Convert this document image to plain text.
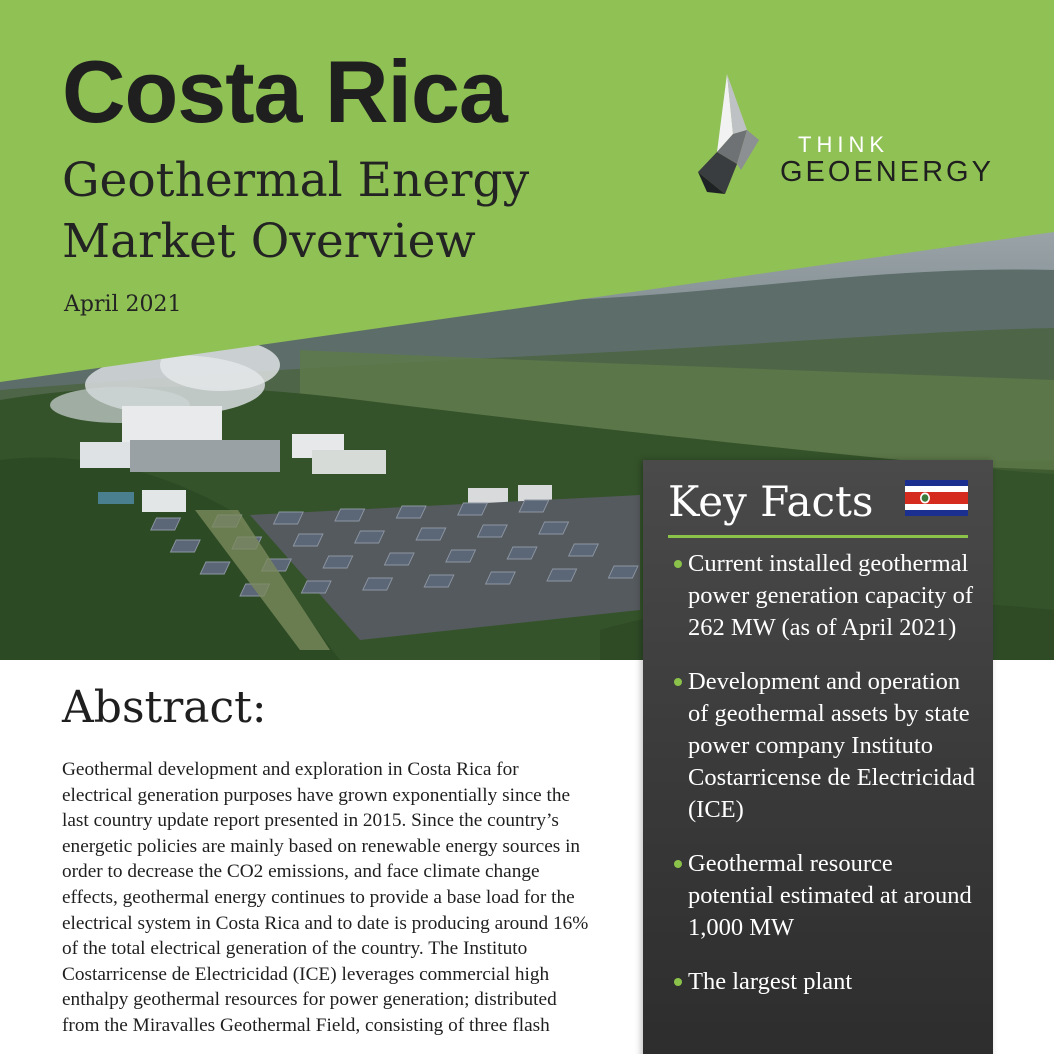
Costa Rica
Geothermal Energy Market Overview

April 2021

THINK

GEOENERGY

Abstract:

Geothermal development and exploration in Costa Rica for electrical generation purposes have grown exponentially since the last country update report presented in 2015. Since the country’s energetic policies are mainly based on renewable energy sources in order to decrease the CO2 emissions, and face climate change effects, geothermal energy continues to provide a base load for the electrical system in Costa Rica and to date is producing around 16% of the total electrical generation of the country. The Instituto Costarricense de Electricidad (ICE) leverages commercial high enthalpy geothermal resources for power generation; distributed from the Miravalles Geothermal Field, consisting of three flash

Key Facts
Current installed geothermal power generation capacity of 262 MW (as of April 2021)
Development and operation of geothermal assets by state power company Instituto Costarricense de Electricidad (ICE)
Geothermal resource potential estimated at around 1,000 MW
The largest plant
